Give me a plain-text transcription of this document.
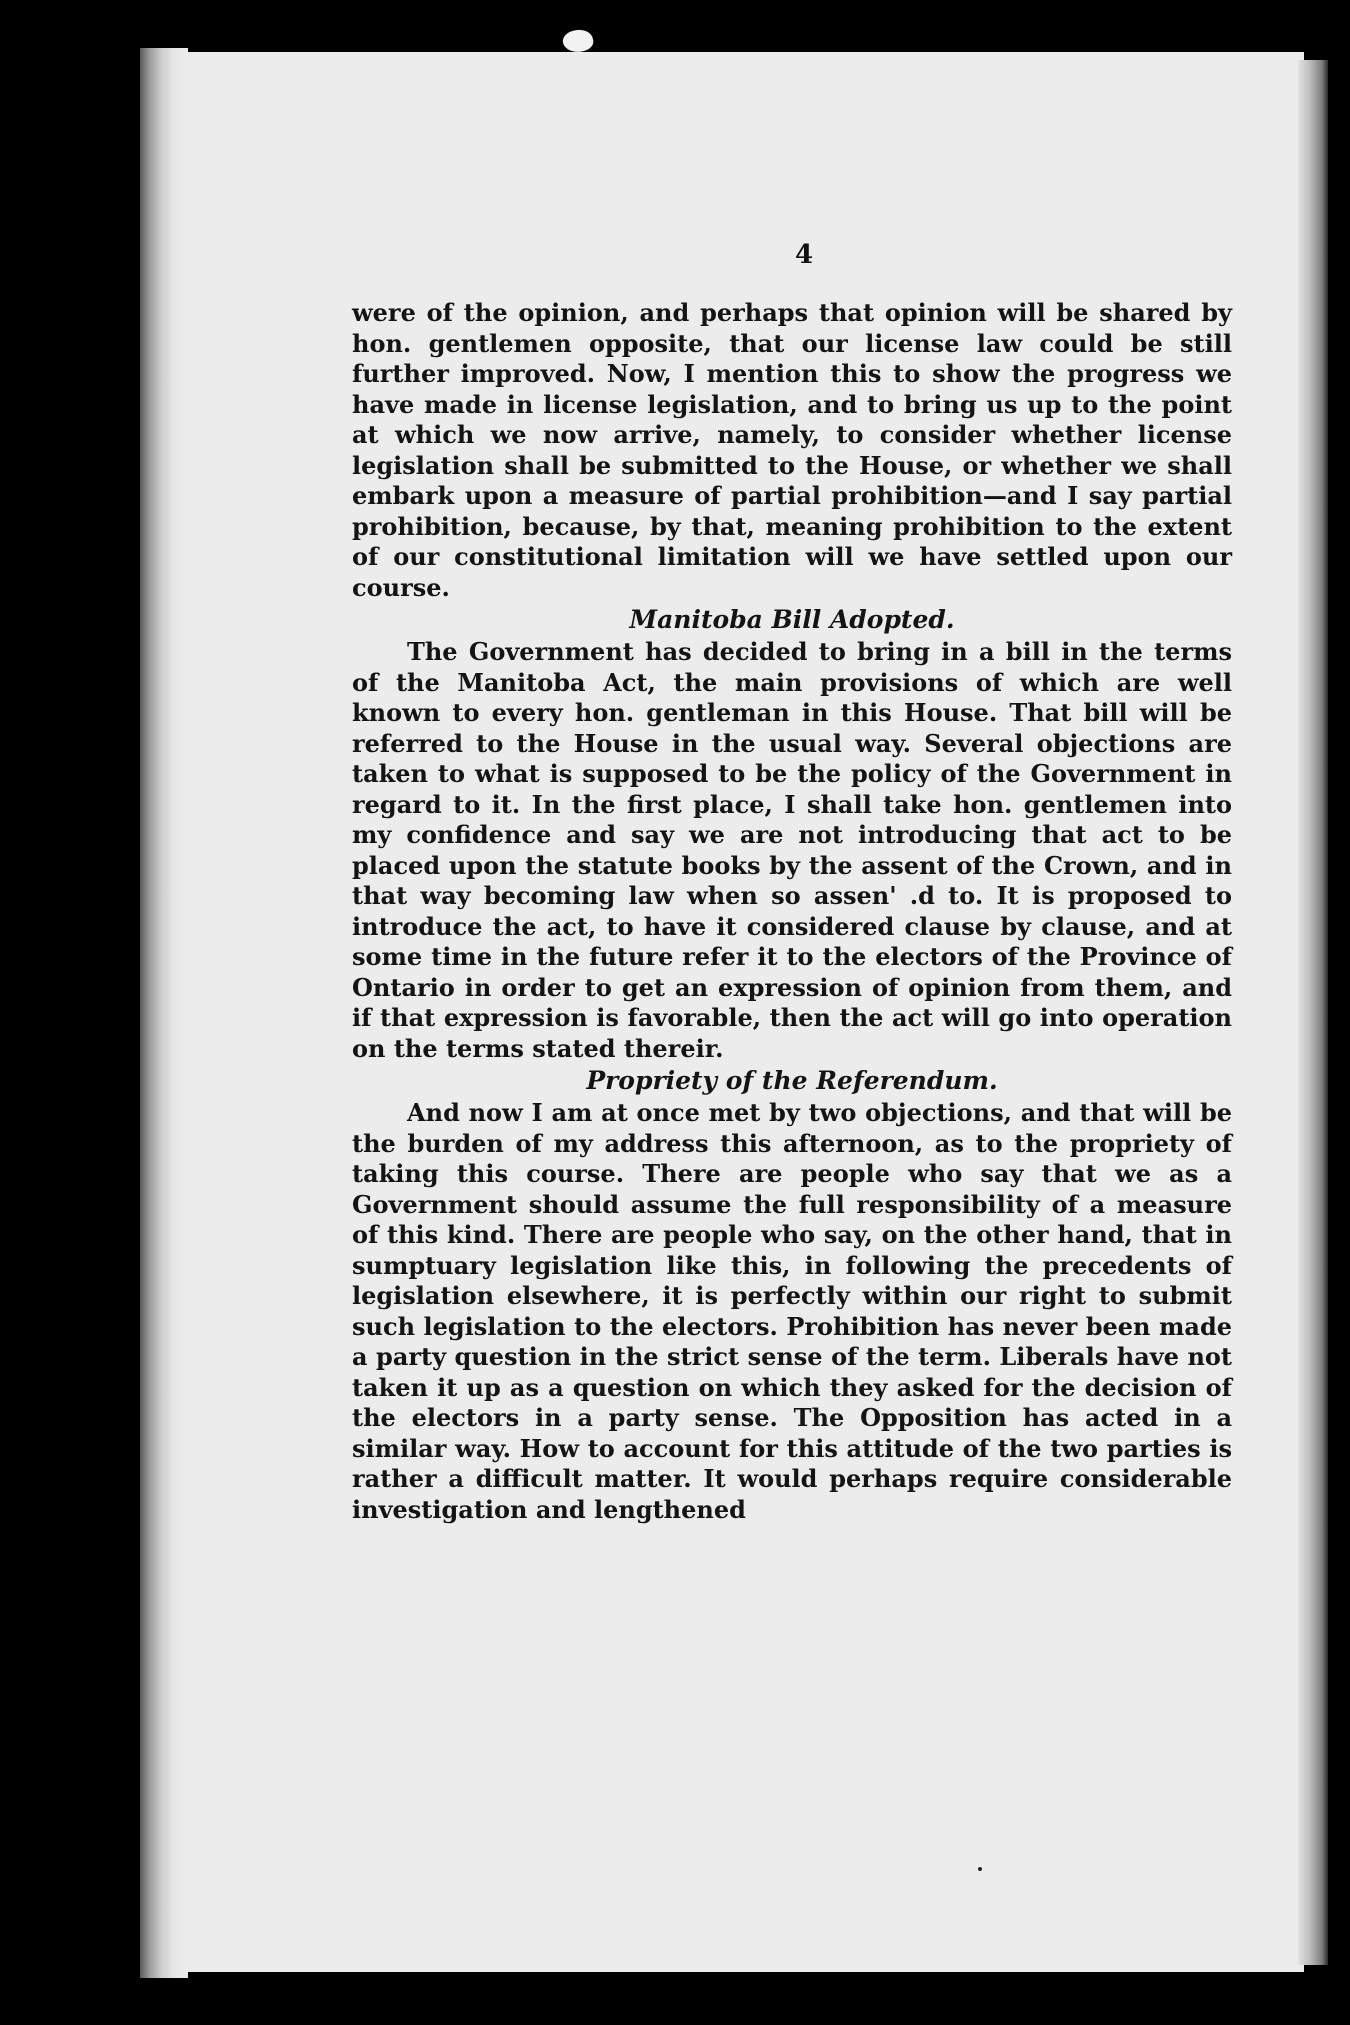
4

were of the opinion, and perhaps that opinion will be shared by hon. gentlemen opposite, that our license law could be still further improved. Now, I mention this to show the progress we have made in license legislation, and to bring us up to the point at which we now arrive, namely, to consider whether license legislation shall be submitted to the House, or whether we shall embark upon a measure of partial prohibition—and I say partial prohibition, because, by that, meaning prohibition to the extent of our constitutional limitation will we have settled upon our course.

Manitoba Bill Adopted.

The Government has decided to bring in a bill in the terms of the Manitoba Act, the main provisions of which are well known to every hon. gentleman in this House. That bill will be referred to the House in the usual way. Several objections are taken to what is supposed to be the policy of the Government in regard to it. In the first place, I shall take hon. gentlemen into my confidence and say we are not introducing that act to be placed upon the statute books by the assent of the Crown, and in that way becoming law when so assen' .d to. It is proposed to introduce the act, to have it considered clause by clause, and at some time in the future refer it to the electors of the Province of Ontario in order to get an expression of opinion from them, and if that expression is favorable, then the act will go into operation on the terms stated thereir.

Propriety of the Referendum.

And now I am at once met by two objections, and that will be the burden of my address this afternoon, as to the propriety of taking this course. There are people who say that we as a Government should assume the full responsibility of a measure of this kind. There are people who say, on the other hand, that in sumptuary legislation like this, in following the precedents of legislation elsewhere, it is perfectly within our right to submit such legislation to the electors. Prohibition has never been made a party question in the strict sense of the term. Liberals have not taken it up as a question on which they asked for the decision of the electors in a party sense. The Opposition has acted in a similar way. How to account for this attitude of the two parties is rather a difficult matter. It would perhaps require considerable investigation and lengthened
